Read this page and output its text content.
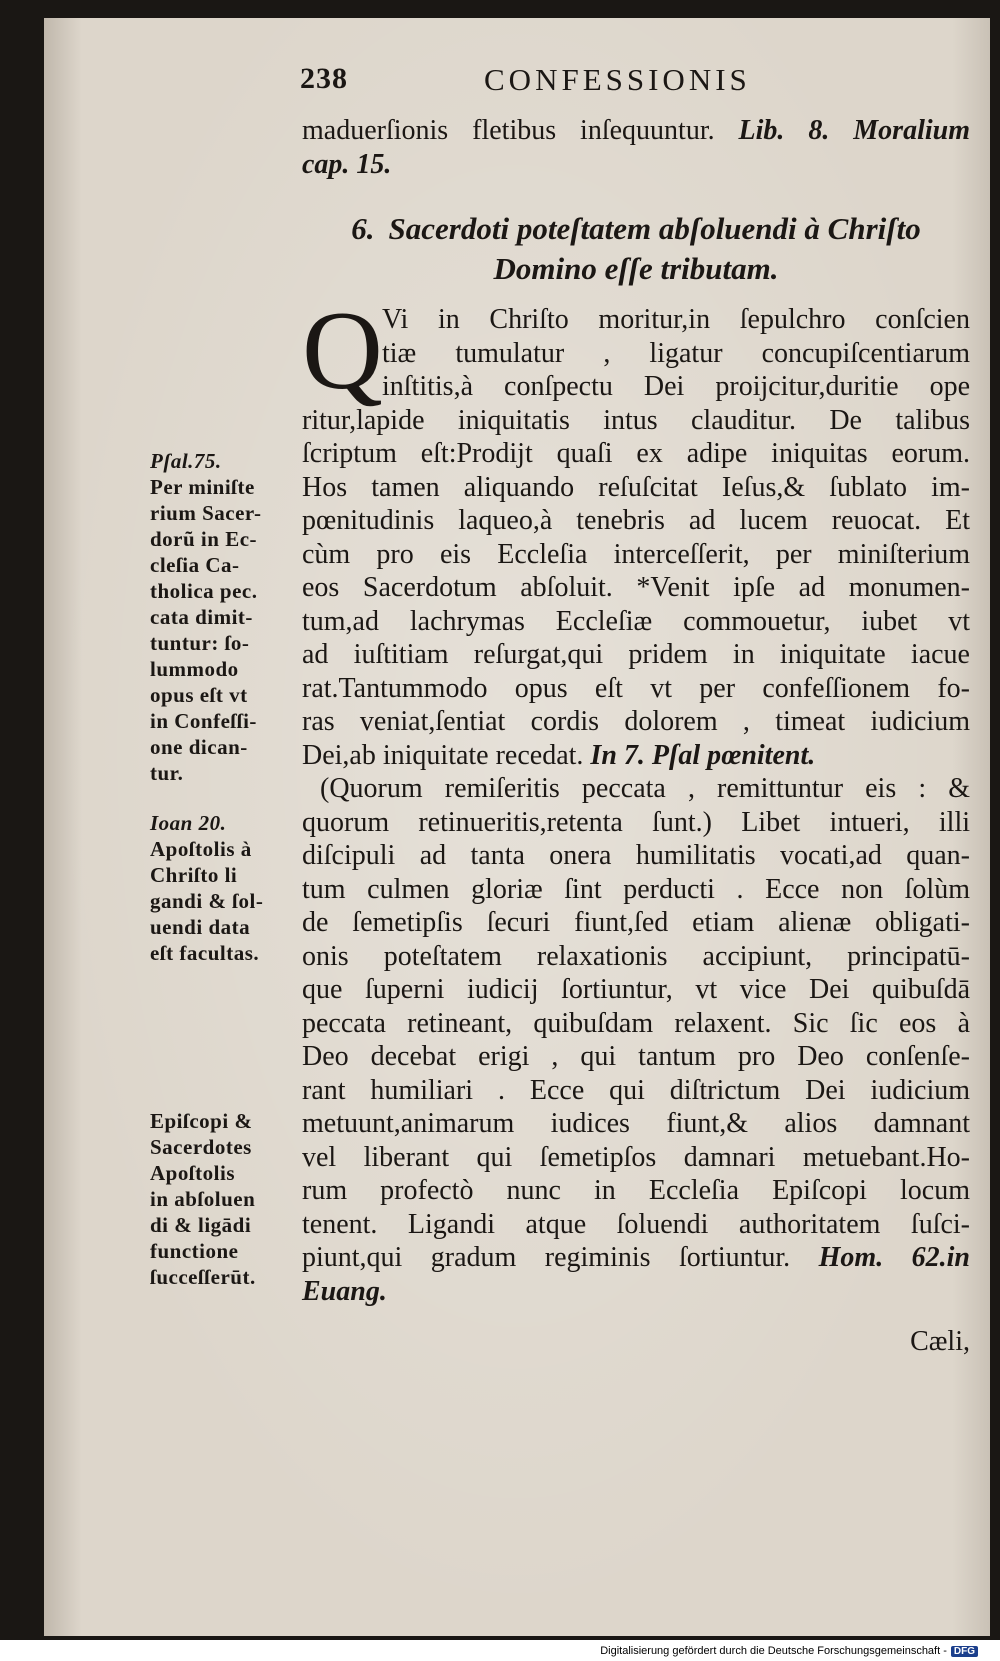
238	CONFESSIONIS
maduerſionis fletibus inſequuntur. Lib. 8. Moralium
cap. 15.
6. Sacerdoti poteſtatem abſoluendi à Chriſto
Domino eſſe tributam.
Q Vi in Chriſto moritur,in ſepulchro conſcien
tiæ tumulatur , ligatur concupiſcentiarum
inſtitis,à conſpectu Dei proijcitur,duritie ope
ritur,lapide iniquitatis intus clauditur. De talibus
ſcriptum eſt:Prodijt quaſi ex adipe iniquitas eorum.
Hos tamen aliquando reſuſcitat Ieſus,& ſublato im-
pœnitudinis laqueo,à tenebris ad lucem reuocat. Et
cùm pro eis Eccleſia interceſſerit, per miniſterium
eos Sacerdotum abſoluit. *Venit ipſe ad monumen-
tum,ad lachrymas Eccleſiæ commouetur, iubet vt
ad iuſtitiam reſurgat,qui pridem in iniquitate iacue
rat.Tantummodo opus eſt vt per confeſſionem fo-
ras veniat,ſentiat cordis dolorem , timeat iudicium
Dei,ab iniquitate recedat. In 7. Pſal pœnitent.
(Quorum remiſeritis peccata , remittuntur eis : &
quorum retinueritis,retenta ſunt.) Libet intueri, illi
diſcipuli ad tanta onera humilitatis vocati,ad quan-
tum culmen gloriæ ſint perducti . Ecce non ſolùm
de ſemetipſis ſecuri fiunt,ſed etiam alienæ obligati-
onis poteſtatem relaxationis accipiunt, principatū-
que ſuperni iudicij ſortiuntur, vt vice Dei quibuſdā
peccata retineant, quibuſdam relaxent. Sic ſic eos à
Deo decebat erigi , qui tantum pro Deo conſenſe-
rant humiliari . Ecce qui diſtrictum Dei iudicium
metuunt,animarum iudices fiunt,& alios damnant
vel liberant qui ſemetipſos damnari metuebant.Ho-
rum profectò nunc in Eccleſia Epiſcopi locum
tenent. Ligandi atque ſoluendi authoritatem ſuſci-
piunt,qui gradum regiminis ſortiuntur. Hom. 62.in
Euang.
Cæli,
Pſal.75.
Per miniſte
rium Sacer-
dorũ in Ec-
cleſia Ca-
tholica pec.
cata dimit-
tuntur: ſo-
lummodo
opus eſt vt
in Confeſſi-
one dican-
tur.
Ioan 20.
Apoſtolis à
Chriſto li
gandi & ſol-
uendi data
eſt facultas.
Epiſcopi &
Sacerdotes
Apoſtolis
in abſoluen
di & ligādi
functione
ſucceſſerūt.
Digitalisierung gefördert durch die Deutsche Forschungsgemeinschaft - DFG
